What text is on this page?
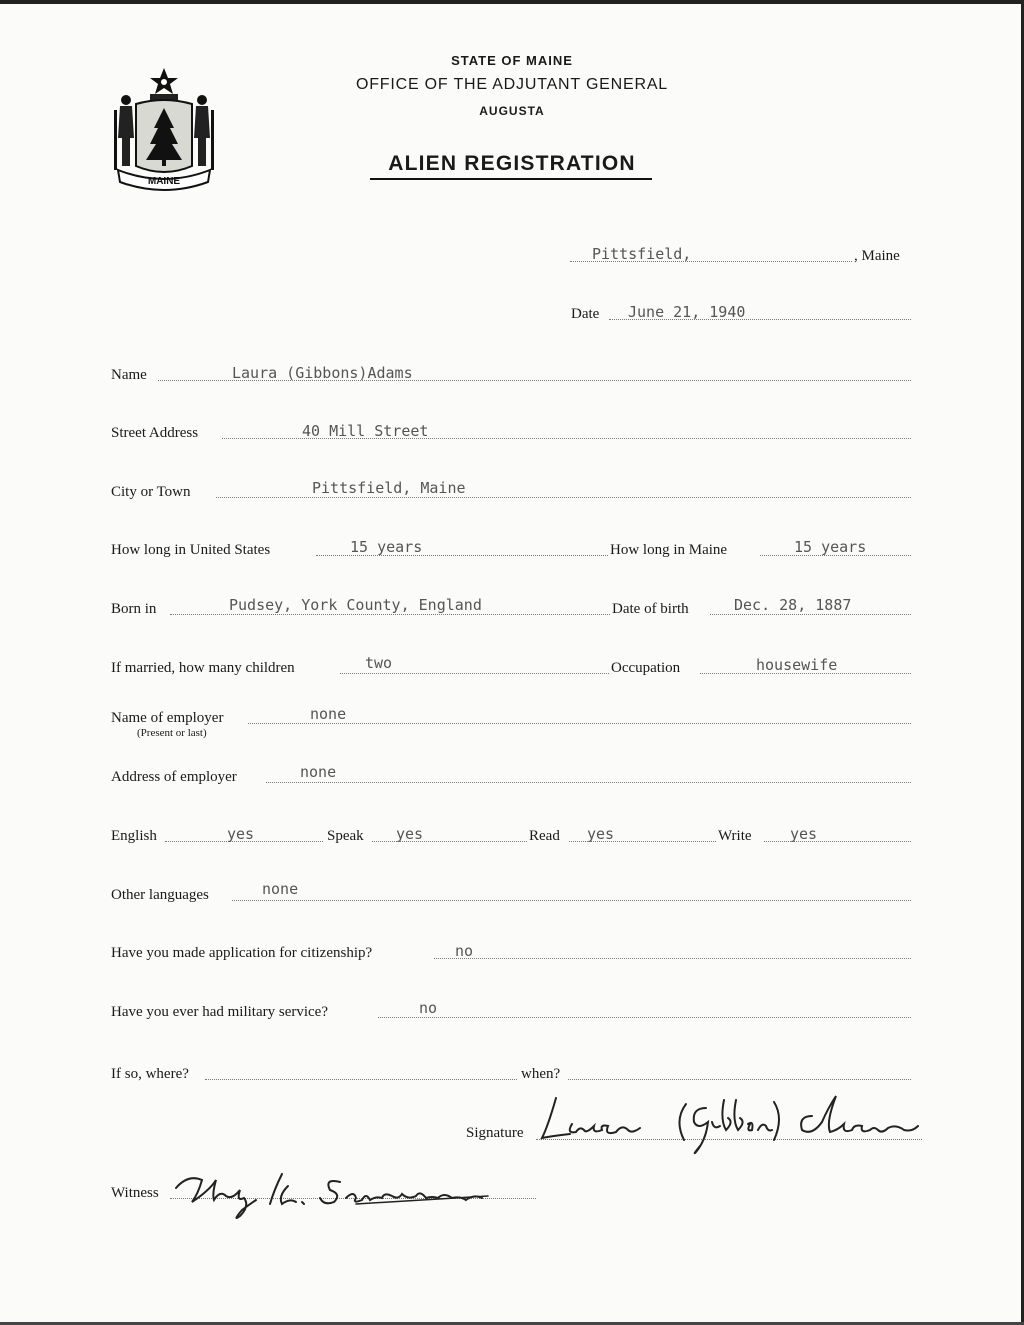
MAINE
STATE OF MAINE
OFFICE OF THE ADJUTANT GENERAL
AUGUSTA
ALIEN REGISTRATION
Pittsfield,	, Maine
Date June 21, 1940
Name	Laura (Gibbons)Adams
Street Address	40 Mill Street
City or Town	Pittsfield, Maine
How long in United States	15 years	How long in Maine	15 years
Born in	Pudsey, York County, England	Date of birth	Dec. 28, 1887
If married, how many children	two	Occupation	housewife
Name of employer
(Present or last)
none
Address of employer	none
English	yes	Speak yes	Read yes	Write	yes
Other languages	none
Have you made application for citizenship?	no
Have you ever had military service?	no
If so, where?	when?
Signature
Witness
